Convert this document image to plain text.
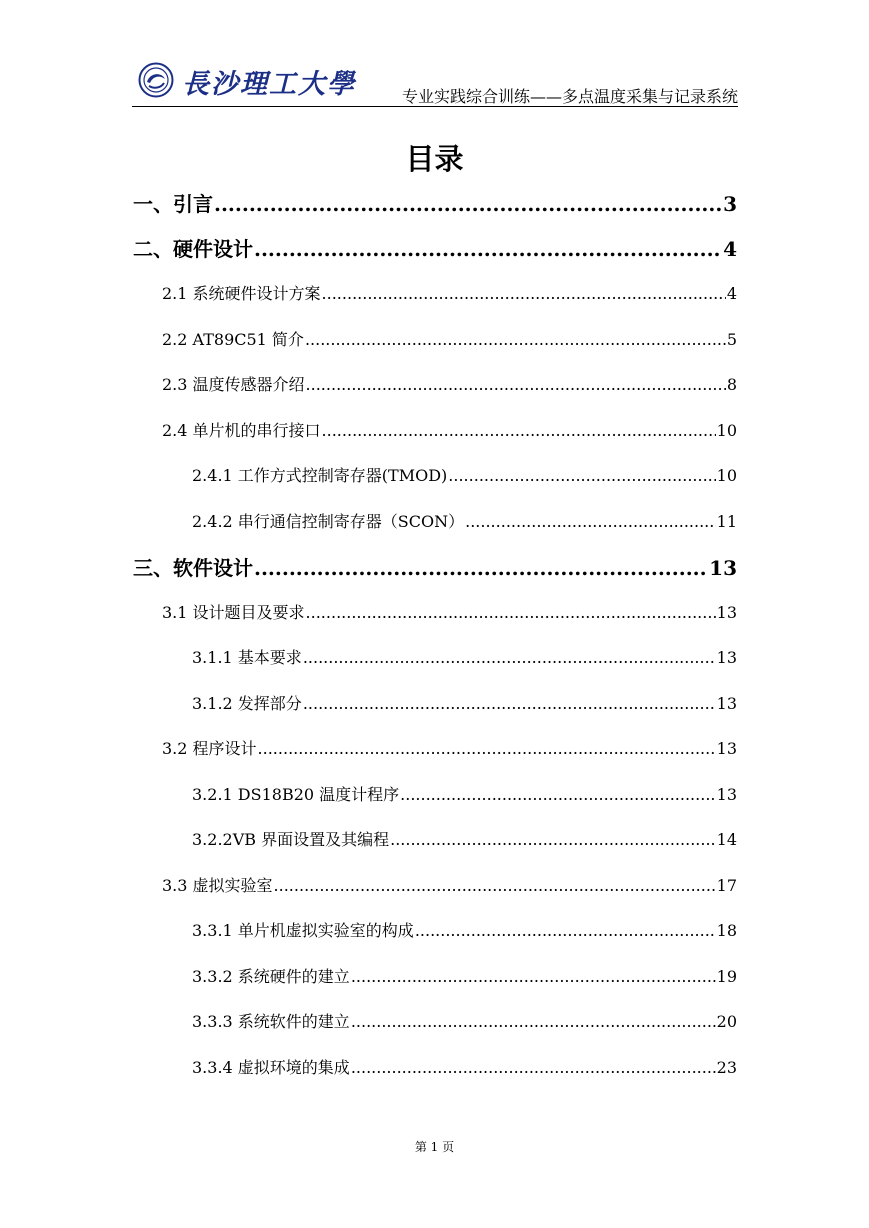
長沙理工大學	专业实践综合训练——多点温度采集与记录系统
目录
一、引言 .....	3
二、硬件设计 .....	4
2.1 系统硬件设计方案 .....	4
2.2 AT89C51 简介 .....	5
2.3 温度传感器介绍 .....	8
2.4 单片机的串行接口 .....	10
2.4.1 工作方式控制寄存器(TMOD) .....	10
2.4.2 串行通信控制寄存器（SCON） .....	11
三、软件设计 .....	13
3.1 设计题目及要求 .....	13
3.1.1 基本要求 .....	13
3.1.2 发挥部分 .....	13
3.2 程序设计 .....	13
3.2.1 DS18B20 温度计程序 .....	13
3.2.2VB 界面设置及其编程 .....	14
3.3 虚拟实验室 .....	17
3.3.1 单片机虚拟实验室的构成 .....	18
3.3.2 系统硬件的建立 .....	19
3.3.3 系统软件的建立 .....	20
3.3.4 虚拟环境的集成 .....	23
第 1 页
